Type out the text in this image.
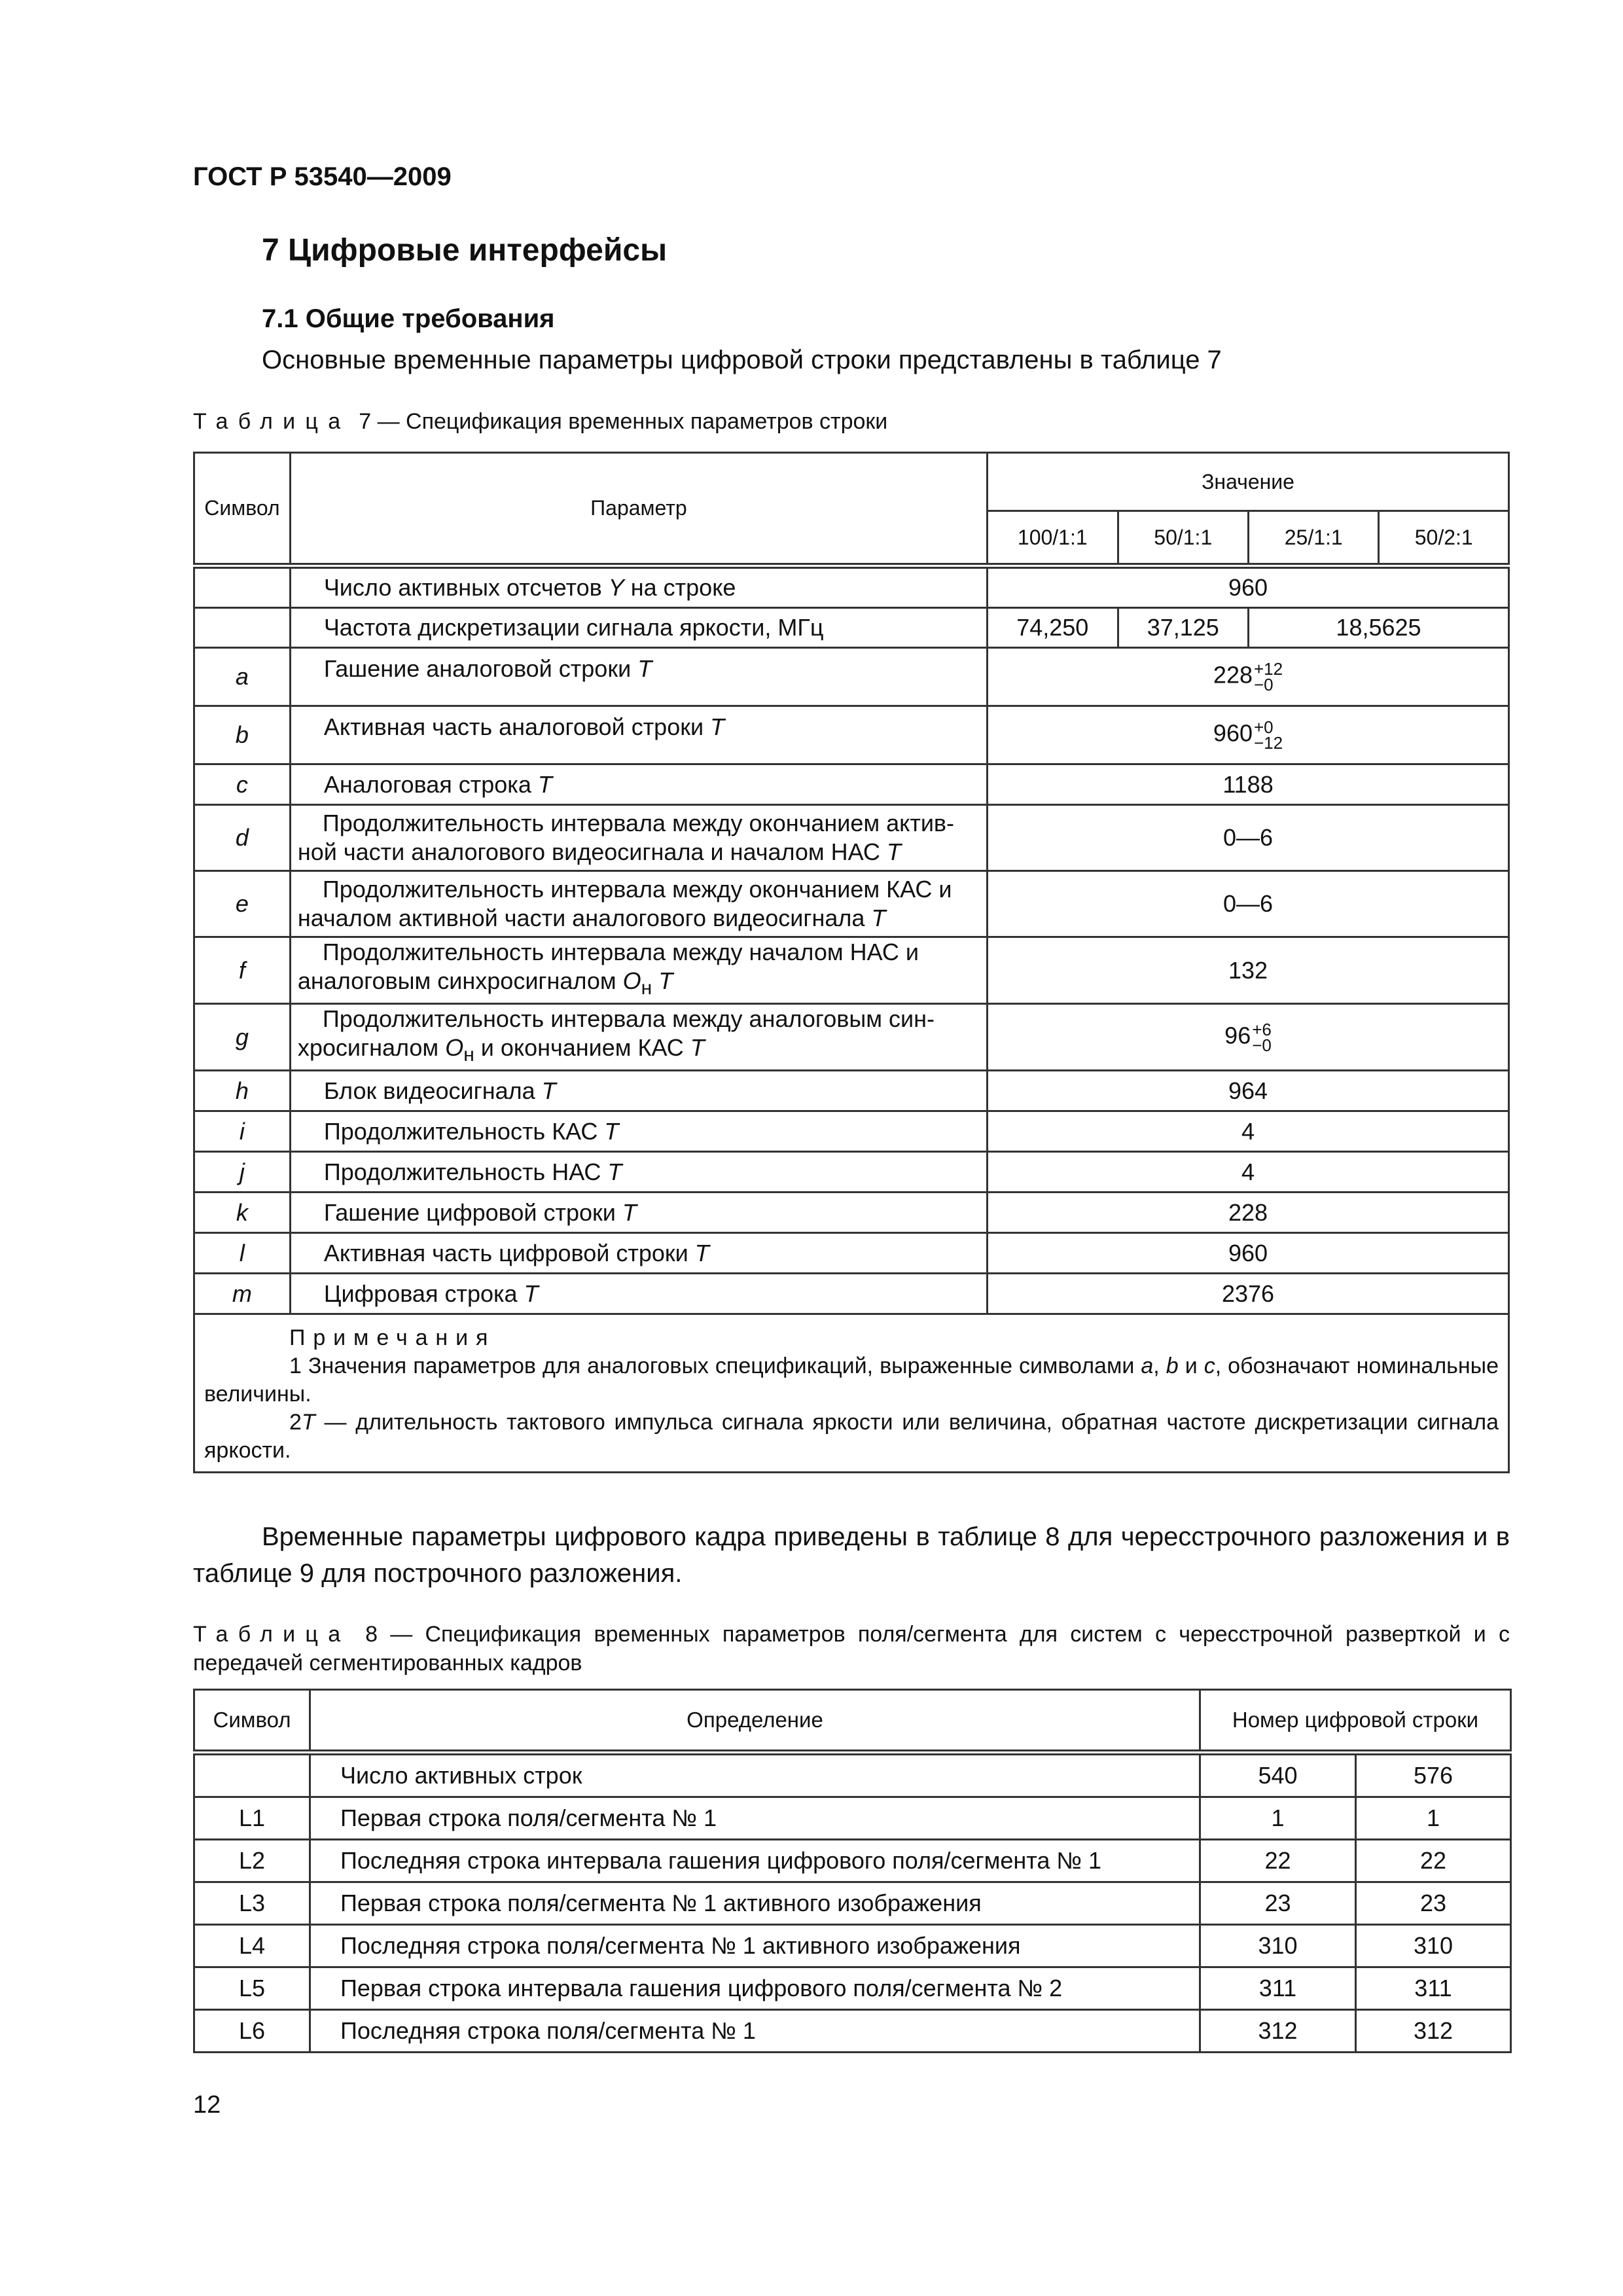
ГОСТ Р 53540—2009
7 Цифровые интерфейсы
7.1 Общие требования
Основные временные параметры цифровой строки представлены в таблице 7
Таблица 7 — Спецификация временных параметров строки
Символ	Параметр	Значение			
		100/1:1	50/1:1	25/1:1	50/2:1
	Число активных отсчетов Y на строке	960			
	Частота дискретизации сигнала яркости, МГц	74,250	37,125	18,5625	
a	Гашение аналоговой строки T	228 +12
−0			

b	Активная часть аналоговой строки T	960 +0
−12			

c	Аналоговая строка T	1188			
d	Продолжительность интервала между окончанием актив-
ной части аналогового видеосигнала и началом НАС T	0—6			
e	Продолжительность интервала между окончанием КАС и
началом активной части аналогового видеосигнала T	0—6			
f	Продолжительность интервала между началом НАС и
аналоговым синхросигналом $O_н$ T	132			
g	Продолжительность интервала между аналоговым син-
хросигналом $O_н$ и окончанием КАС T	96 +6
−0			

h	Блок видеосигнала T	964			
i	Продолжительность КАС T	4			
j	Продолжительность НАС T	4			
k	Гашение цифровой строки T	228			
l	Активная часть цифровой строки T	960			
m	Цифровая строка T	2376			

Примечания
1 Значения параметров для аналоговых спецификаций, выраженные символами a, b и c, обозначают номинальные величины.
2T — длительность тактового импульса сигнала яркости или величина, обратная частоте дискретизации сигнала яркости.					
Временные параметры цифрового кадра приведены в таблице 8 для чересстрочного разложения и в таблице 9 для построчного разложения.
Таблица 8 — Спецификация временных параметров поля/сегмента для систем с чересстрочной разверткой и с передачей сегментированных кадров
Символ	Определение	Номер цифровой строки	
	Число активных строк	540	576
L1	Первая строка поля/сегмента № 1	1	1
L2	Последняя строка интервала гашения цифрового поля/сегмента № 1	22	22
L3	Первая строка поля/сегмента № 1 активного изображения	23	23
L4	Последняя строка поля/сегмента № 1 активного изображения	310	310
L5	Первая строка интервала гашения цифрового поля/сегмента № 2	311	311
L6	Последняя строка поля/сегмента № 1	312	312
12
